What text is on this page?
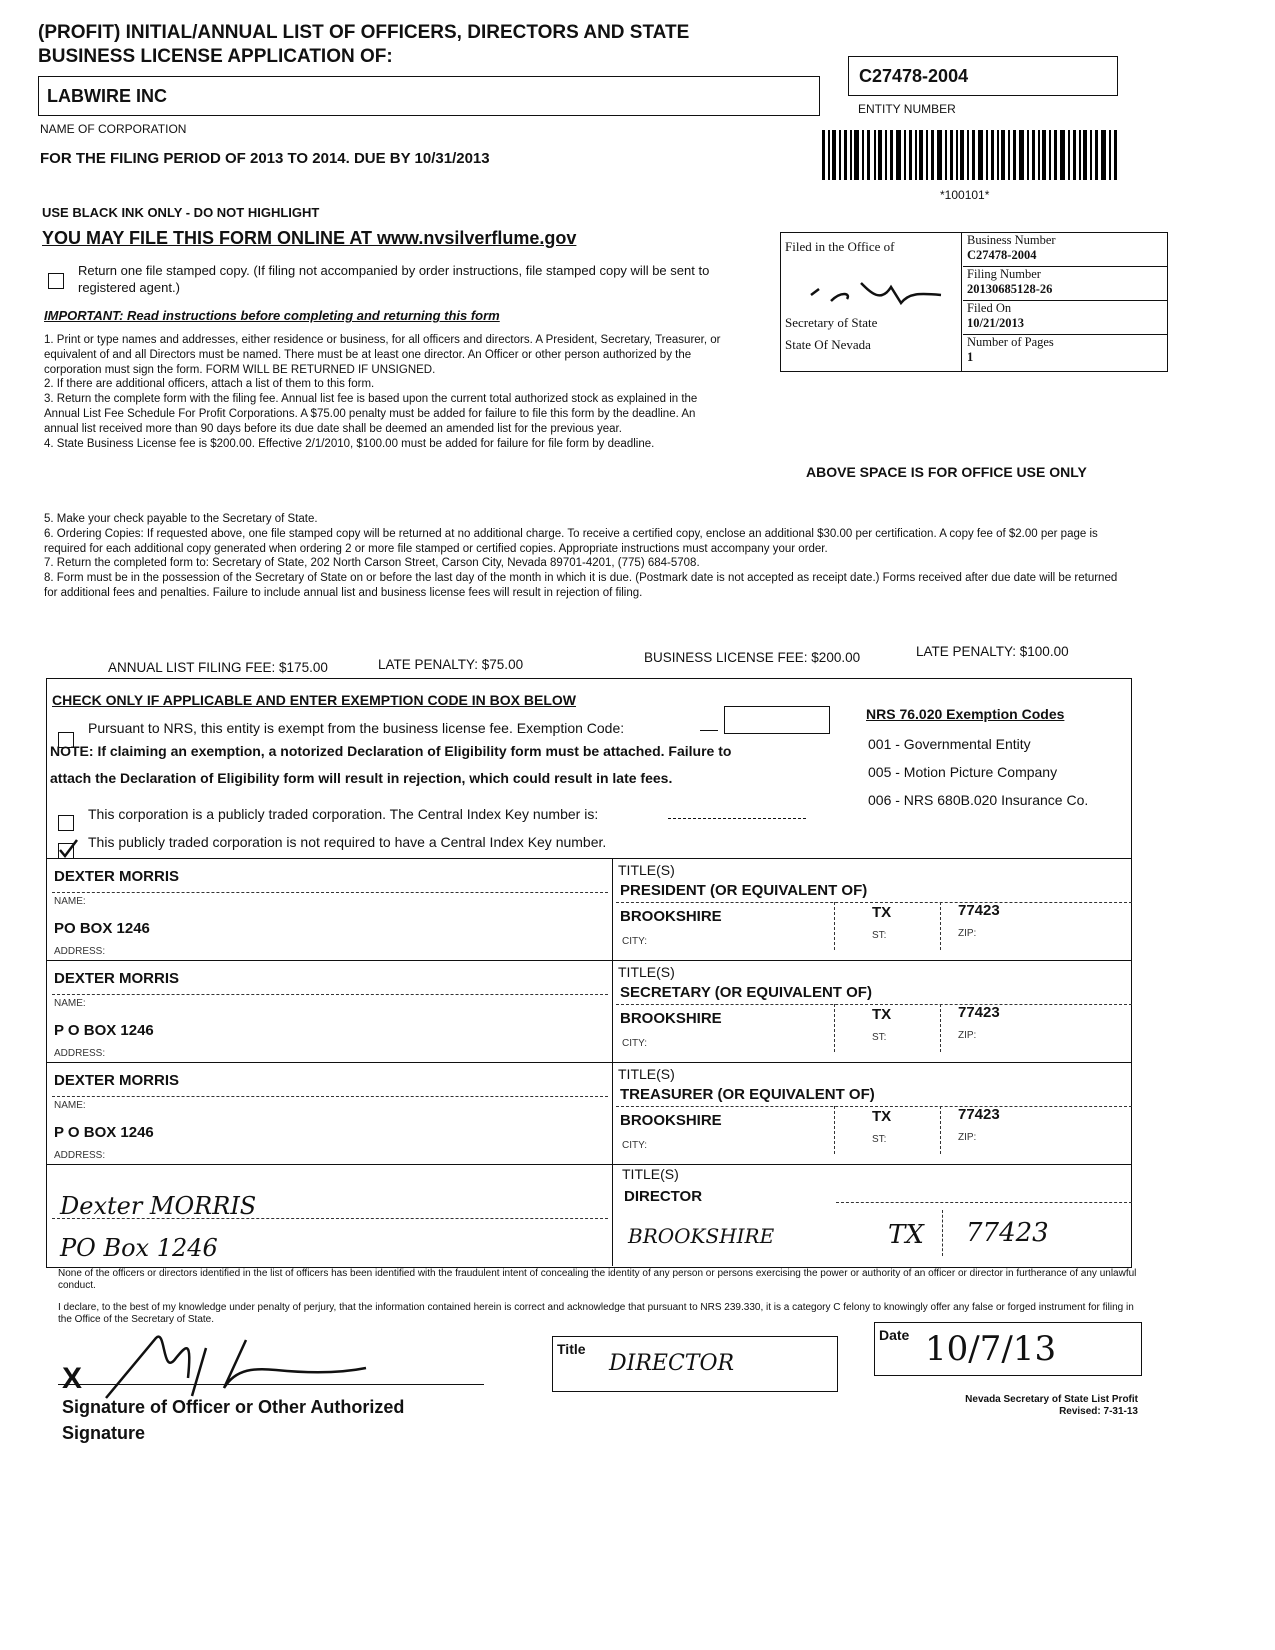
(PROFIT) INITIAL/ANNUAL LIST OF OFFICERS, DIRECTORS AND STATE
BUSINESS LICENSE APPLICATION OF:
LABWIRE INC
NAME OF CORPORATION
C27478-2004
ENTITY NUMBER
*100101*
FOR THE FILING PERIOD OF 2013 TO 2014. DUE BY 10/31/2013
USE BLACK INK ONLY - DO NOT HIGHLIGHT
YOU MAY FILE THIS FORM ONLINE AT www.nvsilverflume.gov
Return one file stamped copy. (If filing not accompanied by order instructions, file stamped copy will be sent to registered agent.)
IMPORTANT: Read instructions before completing and returning this form
1. Print or type names and addresses, either residence or business, for all officers and directors. A President, Secretary, Treasurer, or equivalent of and all Directors must be named. There must be at least one director. An Officer or other person authorized by the corporation must sign the form. FORM WILL BE RETURNED IF UNSIGNED.
2. If there are additional officers, attach a list of them to this form.
3. Return the complete form with the filing fee. Annual list fee is based upon the current total authorized stock as explained in the Annual List Fee Schedule For Profit Corporations. A $75.00 penalty must be added for failure to file this form by the deadline. An annual list received more than 90 days before its due date shall be deemed an amended list for the previous year.
4. State Business License fee is $200.00. Effective 2/1/2010, $100.00 must be added for failure for file form by deadline.
5. Make your check payable to the Secretary of State.
6. Ordering Copies: If requested above, one file stamped copy will be returned at no additional charge. To receive a certified copy, enclose an additional $30.00 per certification. A copy fee of $2.00 per page is required for each additional copy generated when ordering 2 or more file stamped or certified copies. Appropriate instructions must accompany your order.
7. Return the completed form to: Secretary of State, 202 North Carson Street, Carson City, Nevada 89701-4201, (775) 684-5708.
8. Form must be in the possession of the Secretary of State on or before the last day of the month in which it is due. (Postmark date is not accepted as receipt date.) Forms received after due date will be returned for additional fees and penalties. Failure to include annual list and business license fees will result in rejection of filing.
Filed in the Office of
Secretary of State
State Of Nevada
Business Number
C27478-2004
Filing Number
20130685128-26
Filed On
10/21/2013
Number of Pages
1
ABOVE SPACE IS FOR OFFICE USE ONLY
ANNUAL LIST FILING FEE: $175.00	LATE PENALTY: $75.00	BUSINESS LICENSE FEE: $200.00	LATE PENALTY: $100.00
CHECK ONLY IF APPLICABLE AND ENTER EXEMPTION CODE IN BOX BELOW
Pursuant to NRS, this entity is exempt from the business license fee. Exemption Code:
NOTE: If claiming an exemption, a notorized Declaration of Eligibility form must be attached. Failure to
attach the Declaration of Eligibility form will result in rejection, which could result in late fees.
This corporation is a publicly traded corporation. The Central Index Key number is:
This publicly traded corporation is not required to have a Central Index Key number.
NRS 76.020 Exemption Codes
001 - Governmental Entity
005 - Motion Picture Company
006 - NRS 680B.020 Insurance Co.
DEXTER MORRIS
NAME:
PO BOX 1246
ADDRESS:
TITLE(S)
PRESIDENT (OR EQUIVALENT OF)
BROOKSHIRE
CITY:
TX
ST:
77423
ZIP:
DEXTER MORRIS
NAME:
P O BOX 1246
ADDRESS:
TITLE(S)
SECRETARY (OR EQUIVALENT OF)
BROOKSHIRE
CITY:
TX
ST:
77423
ZIP:
DEXTER MORRIS
NAME:
P O BOX 1246
ADDRESS:
TITLE(S)
TREASURER (OR EQUIVALENT OF)
BROOKSHIRE
CITY:
TX
ST:
77423
ZIP:
Dexter MORRIS
PO Box 1246
TITLE(S)
DIRECTOR
BROOKSHIRE	TX 77423
None of the officers or directors identified in the list of officers has been identified with the fraudulent intent of concealing the identity of any person or persons exercising the power or authority of an officer or director in furtherance of any unlawful conduct.
I declare, to the best of my knowledge under penalty of perjury, that the information contained herein is correct and acknowledge that pursuant to NRS 239.330, it is a category C felony to knowingly offer any false or forged instrument for filing in the Office of the Secretary of State.
X
Signature of Officer or Other Authorized Signature
Title
DIRECTOR
Date 10/7/13
Nevada Secretary of State List Profit
Revised: 7-31-13
